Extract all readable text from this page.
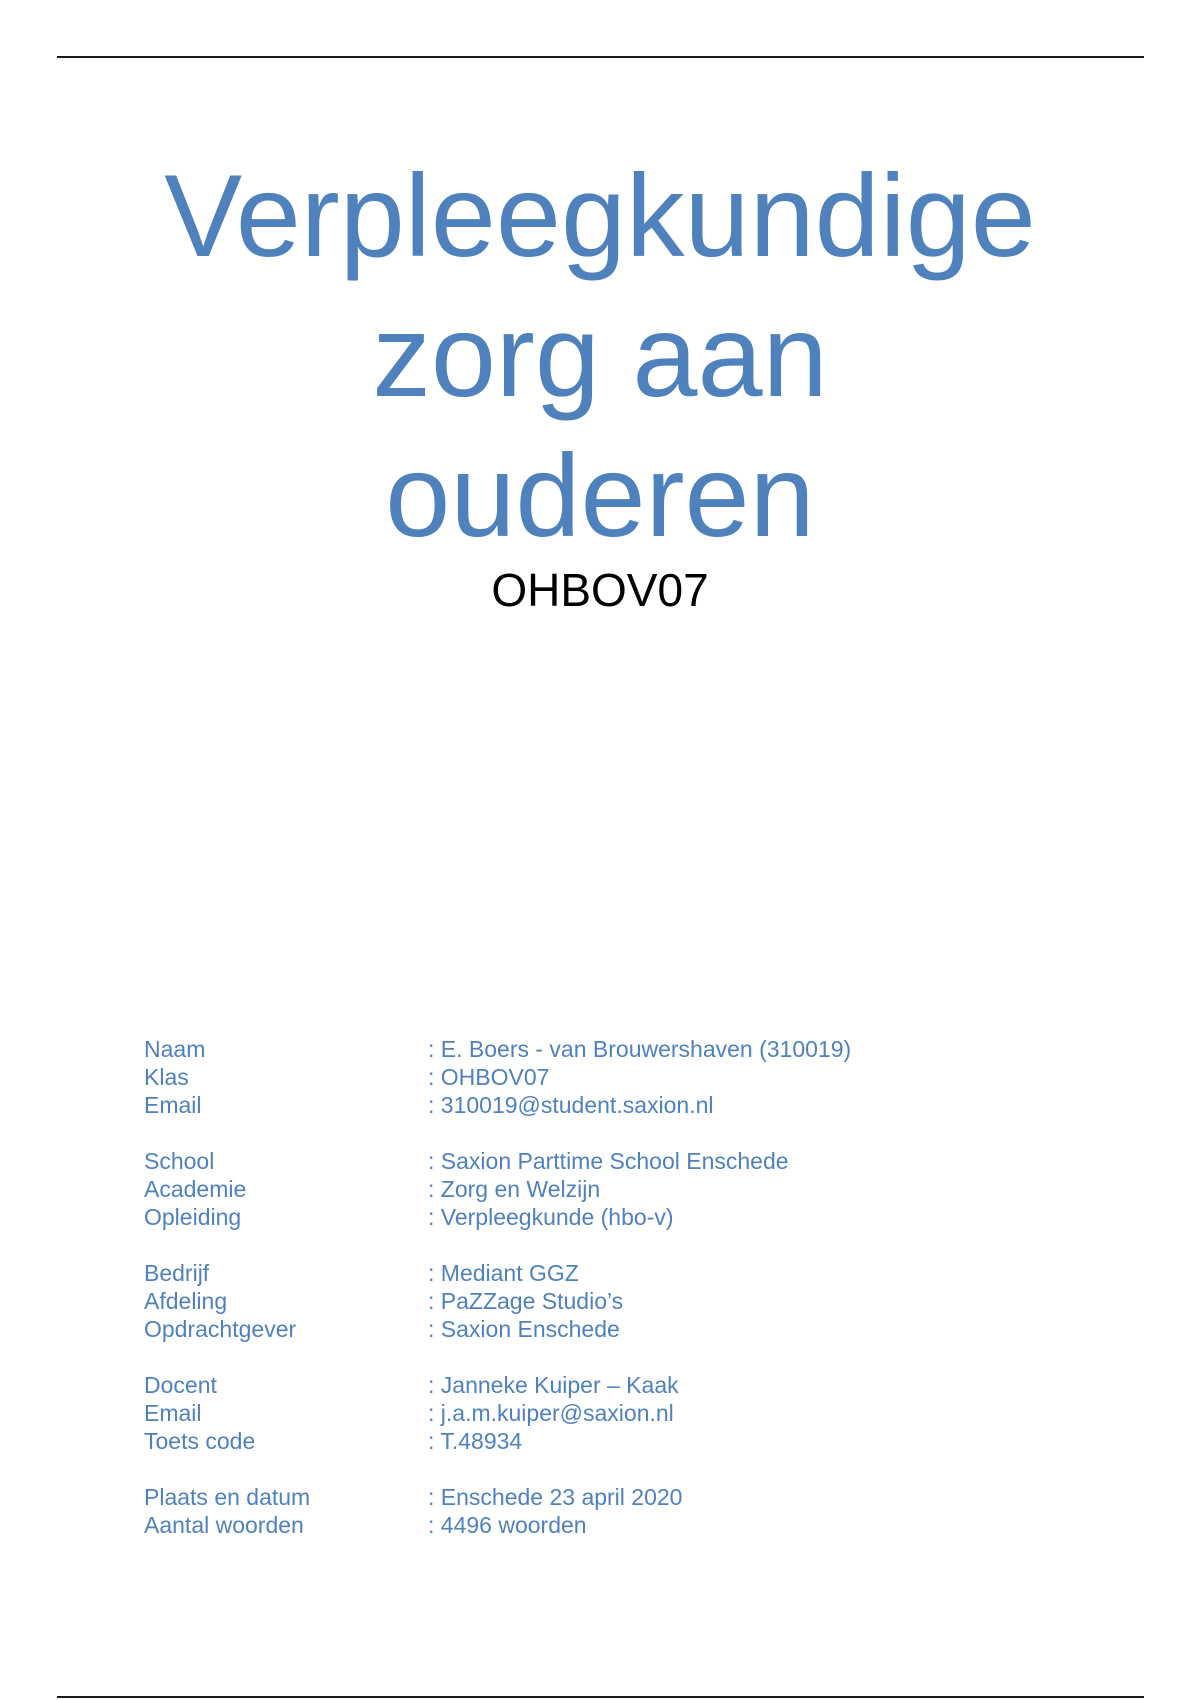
Verpleegkundige
zorg aan
ouderen
OHBOV07
Naam	: E. Boers - van Brouwershaven (310019)
Klas	: OHBOV07
Email	: 310019@student.saxion.nl
School	: Saxion Parttime School Enschede
Academie	: Zorg en Welzijn
Opleiding	: Verpleegkunde (hbo-v)
Bedrijf	: Mediant GGZ
Afdeling	: PaZZage Studio’s
Opdrachtgever	: Saxion Enschede
Docent	: Janneke Kuiper – Kaak
Email	: j.a.m.kuiper@saxion.nl
Toets code	: T.48934
Plaats en datum	: Enschede 23 april 2020
Aantal woorden	: 4496 woorden
